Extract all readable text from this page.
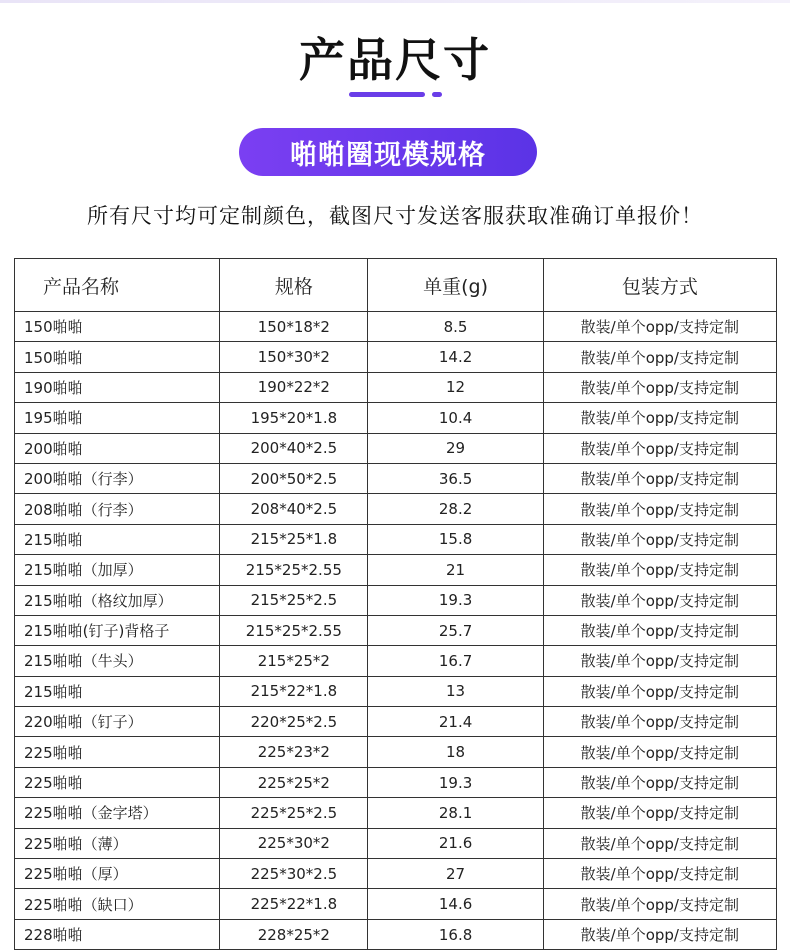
产品尺寸
啪啪圈现模规格
所有尺寸均可定制颜色，截图尺寸发送客服获取准确订单报价！
产品名称	规格	单重(g)	包装方式
150啪啪	150*18*2	8.5	散装/单个opp/支持定制
150啪啪	150*30*2	14.2	散装/单个opp/支持定制
190啪啪	190*22*2	12	散装/单个opp/支持定制
195啪啪	195*20*1.8	10.4	散装/单个opp/支持定制
200啪啪	200*40*2.5	29	散装/单个opp/支持定制
200啪啪（行李）	200*50*2.5	36.5	散装/单个opp/支持定制
208啪啪（行李）	208*40*2.5	28.2	散装/单个opp/支持定制
215啪啪	215*25*1.8	15.8	散装/单个opp/支持定制
215啪啪（加厚）	215*25*2.55	21	散装/单个opp/支持定制
215啪啪（格纹加厚）	215*25*2.5	19.3	散装/单个opp/支持定制
215啪啪(钉子)背格子	215*25*2.55	25.7	散装/单个opp/支持定制
215啪啪（牛头）	215*25*2	16.7	散装/单个opp/支持定制
215啪啪	215*22*1.8	13	散装/单个opp/支持定制
220啪啪（钉子）	220*25*2.5	21.4	散装/单个opp/支持定制
225啪啪	225*23*2	18	散装/单个opp/支持定制
225啪啪	225*25*2	19.3	散装/单个opp/支持定制
225啪啪（金字塔）	225*25*2.5	28.1	散装/单个opp/支持定制
225啪啪（薄）	225*30*2	21.6	散装/单个opp/支持定制
225啪啪（厚）	225*30*2.5	27	散装/单个opp/支持定制
225啪啪（缺口）	225*22*1.8	14.6	散装/单个opp/支持定制
228啪啪	228*25*2	16.8	散装/单个opp/支持定制
